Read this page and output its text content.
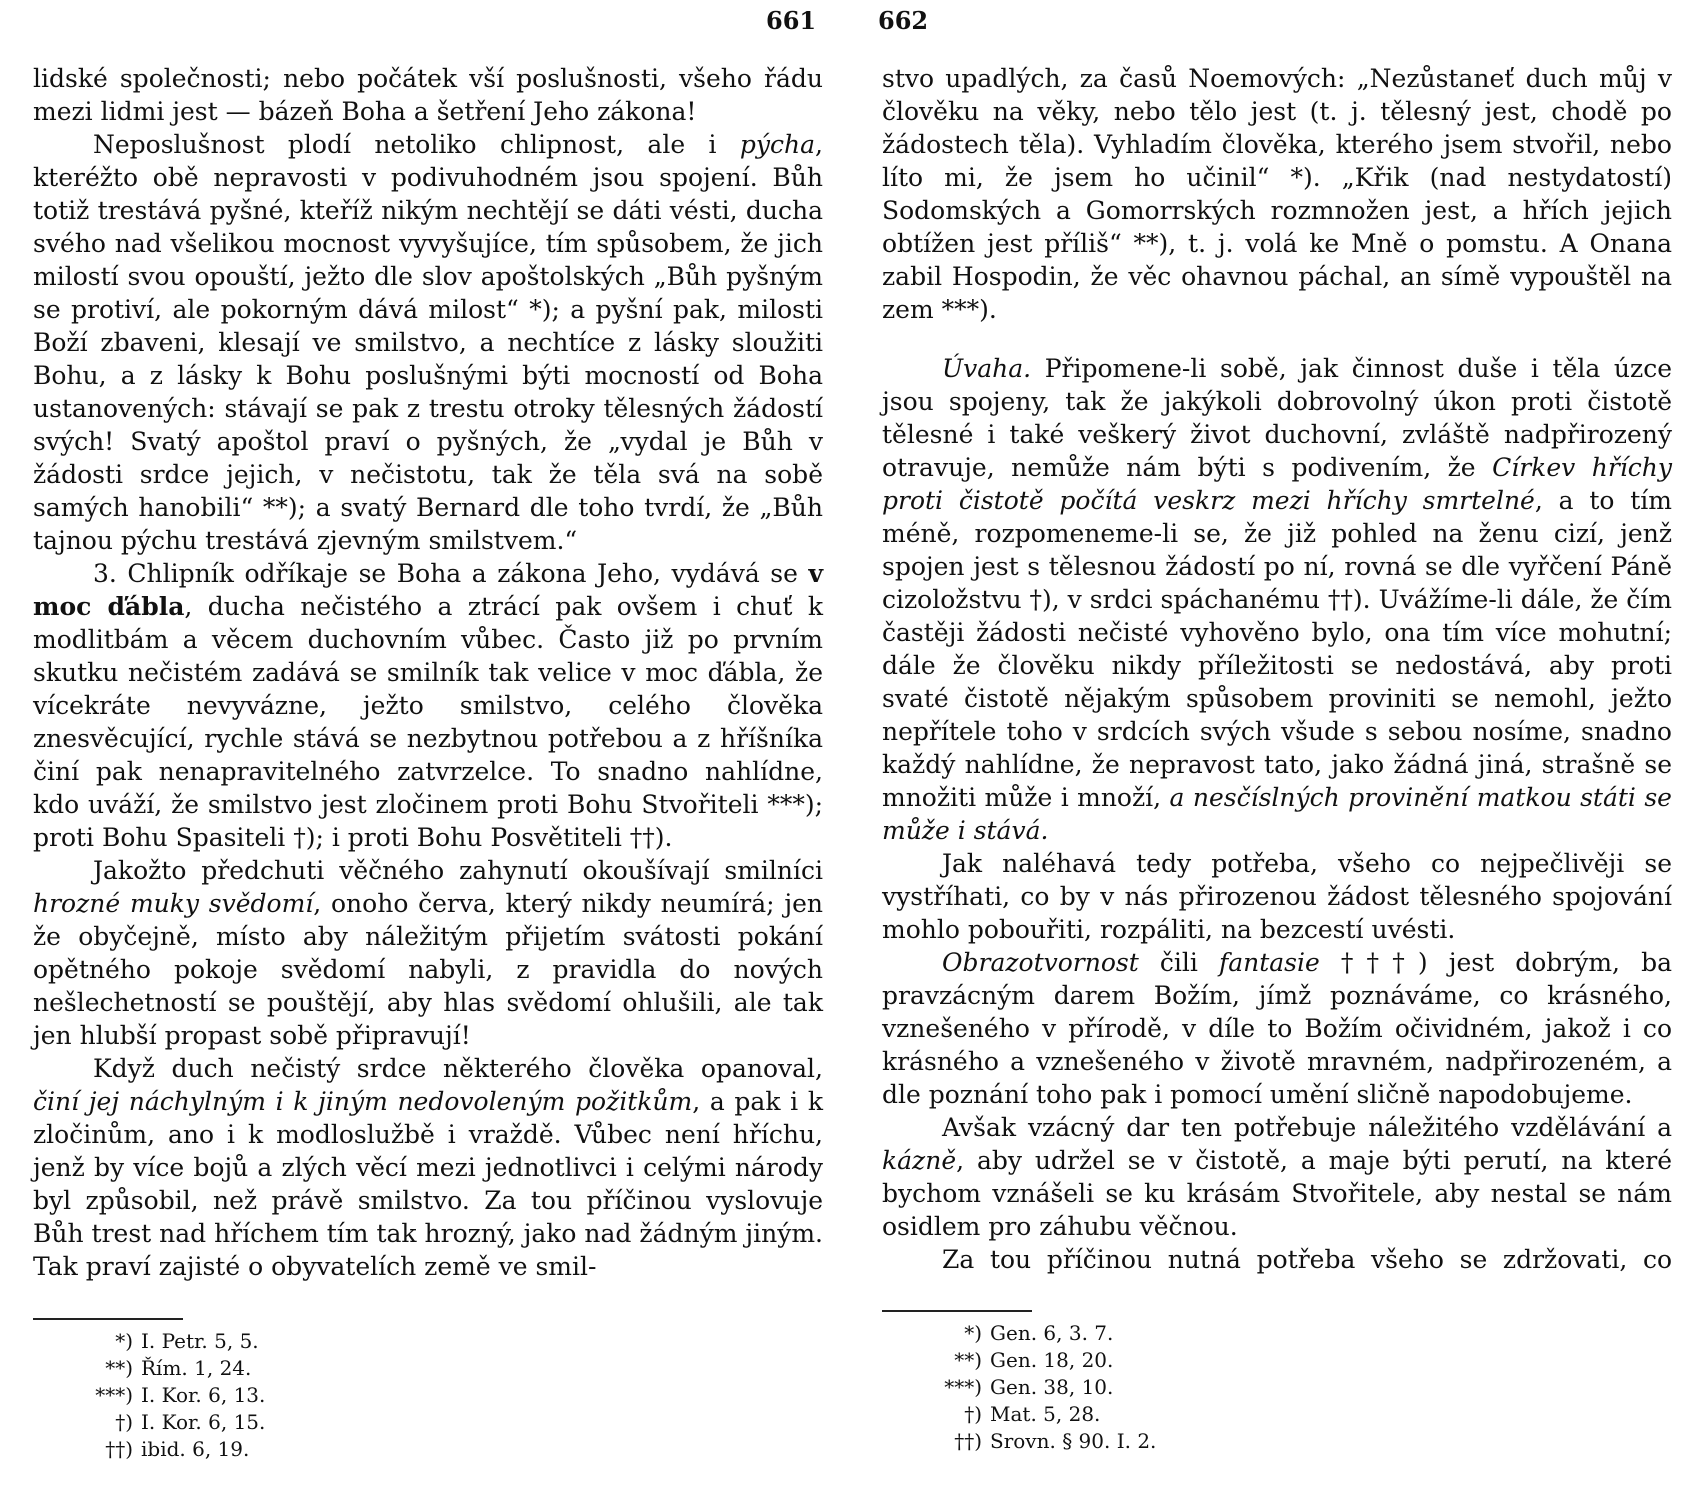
661	662

lidské společnosti; nebo počátek vší poslušnosti, všeho řádu mezi lidmi jest — bázeň Boha a šetření Jeho zákona!

Neposlušnost plodí netoliko chlipnost, ale i pýcha, kteréžto obě nepravosti v podivuhodném jsou spojení. Bůh totiž trestává pyšné, kteříž nikým nechtějí se dáti vésti, ducha svého nad všelikou mocnost vyvyšujíce, tím spůsobem, že jich milostí svou opouští, ježto dle slov apoštolských „Bůh pyšným se protiví, ale pokorným dává milost“ *); a pyšní pak, milosti Boží zbaveni, klesají ve smilstvo, a nechtíce z lásky sloužiti Bohu, a z lásky k Bohu poslušnými býti mocností od Boha ustanovených: stávají se pak z trestu otroky tělesných žádostí svých! Svatý apoštol praví o pyšných, že „vydal je Bůh v žádosti srdce jejich, v nečistotu, tak že těla svá na sobě samých hanobili“ **); a svatý Bernard dle toho tvrdí, že „Bůh tajnou pýchu trestává zjevným smilstvem.“

3. Chlipník odříkaje se Boha a zákona Jeho, vydává se v moc ďábla, ducha nečistého a ztrácí pak ovšem i chuť k modlitbám a věcem duchovním vůbec. Často již po prvním skutku nečistém zadává se smilník tak velice v moc ďábla, že vícekráte nevyvázne, ježto smilstvo, celého člověka znesvěcující, rychle stává se nezbytnou potřebou a z hříšníka činí pak nenapravitelného zatvrzelce. To snadno nahlídne, kdo uváží, že smilstvo jest zločinem proti Bohu Stvořiteli ***); proti Bohu Spasiteli †); i proti Bohu Posvětiteli ††).

Jakožto předchuti věčného zahynutí okoušívají smilníci hrozné muky svědomí, onoho červa, který nikdy neumírá; jen že obyčejně, místo aby náležitým přijetím svátosti pokání opětného pokoje svědomí nabyli, z pravidla do nových nešlechetností se pouštějí, aby hlas svědomí ohlušili, ale tak jen hlubší propast sobě připravují!

Když duch nečistý srdce některého člověka opanoval, činí jej náchylným i k jiným nedovoleným požitkům, a pak i k zločinům, ano i k modloslužbě i vraždě. Vůbec není hříchu, jenž by více bojů a zlých věcí mezi jednotlivci i celými národy byl způsobil, než právě smilstvo. Za tou příčinou vyslovuje Bůh trest nad hříchem tím tak hrozný, jako nad žádným jiným. Tak praví zajisté o obyvatelích země ve smil-

*) I. Petr. 5, 5.
**) Řím. 1, 24.
***) I. Kor. 6, 13.
†) I. Kor. 6, 15.
††) ibid. 6, 19.

stvo upadlých, za časů Noemových: „Nezůstaneť duch můj v člověku na věky, nebo tělo jest (t. j. tělesný jest, chodě po žádostech těla). Vyhladím člověka, kterého jsem stvořil, nebo líto mi, že jsem ho učinil“ *). „Křik (nad nestydatostí) Sodomských a Gomorrských rozmnožen jest, a hřích jejich obtížen jest příliš“ **), t. j. volá ke Mně o pomstu. A Onana zabil Hospodin, že věc ohavnou páchal, an símě vypouštěl na zem ***).

Úvaha. Připomene-li sobě, jak činnost duše i těla úzce jsou spojeny, tak že jakýkoli dobrovolný úkon proti čistotě tělesné i také veškerý život duchovní, zvláště nadpřirozený otravuje, nemůže nám býti s podivením, že Církev hříchy proti čistotě počítá veskrz mezi hříchy smrtelné, a to tím méně, rozpomeneme-li se, že již pohled na ženu cizí, jenž spojen jest s tělesnou žádostí po ní, rovná se dle vyřčení Páně cizoložstvu †), v srdci spáchanému ††). Uvážíme-li dále, že čím častěji žádosti nečisté vyhověno bylo, ona tím více mohutní; dále že člověku nikdy příležitosti se nedostává, aby proti svaté čistotě nějakým spůsobem proviniti se nemohl, ježto nepřítele toho v srdcích svých všude s sebou nosíme, snadno každý nahlídne, že nepravost tato, jako žádná jiná, strašně se množiti může i množí, a nesčíslných provinění matkou státi se může i stává.

Jak naléhavá tedy potřeba, všeho co nejpečlivěji se vystříhati, co by v nás přirozenou žádost tělesného spojování mohlo pobouřiti, rozpáliti, na bezcestí uvésti.

Obrazotvornost čili fantasie †††) jest dobrým, ba pravzácným darem Božím, jímž poznáváme, co krásného, vznešeného v přírodě, v díle to Božím očividném, jakož i co krásného a vznešeného v životě mravném, nadpřirozeném, a dle poznání toho pak i pomocí umění sličně napodobujeme.

Avšak vzácný dar ten potřebuje náležitého vzdělávání a kázně, aby udržel se v čistotě, a maje býti perutí, na které bychom vznášeli se ku krásám Stvořitele, aby nestal se nám osidlem pro záhubu věčnou.

Za tou příčinou nutná potřeba všeho se zdržovati, co

*) Gen. 6, 3. 7.
**) Gen. 18, 20.
***) Gen. 38, 10.
†) Mat. 5, 28.
††) Srovn. § 90. I. 2.
